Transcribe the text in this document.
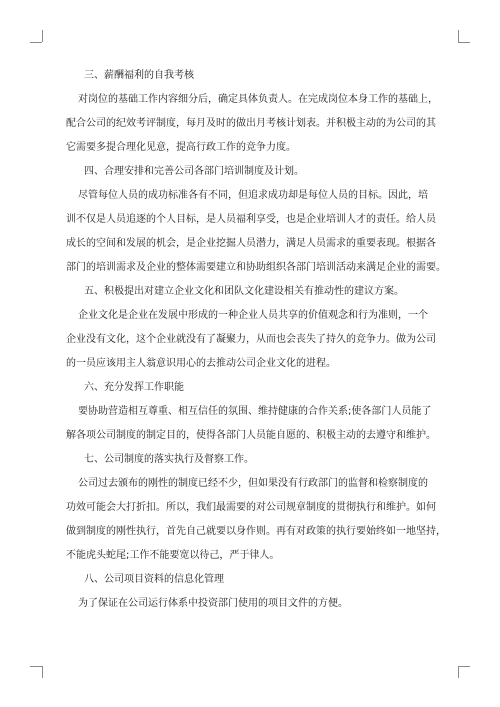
三、薪酬福利的自我考核

对岗位的基础工作内容细分后，确定具体负责人。在完成岗位本身工作的基础上，
配合公司的纪效考评制度，每月及时的做出月考核计划表。并积极主动的为公司的其
它需要多提合理化见意，提高行政工作的竞争力度。

四、合理安排和完善公司各部门培训制度及计划。

尽管每位人员的成功标准各有不同，但追求成功却是每位人员的目标。因此，培
训不仅是人员追逐的个人目标，是人员福利享受，也是企业培训人才的责任。给人员
成长的空间和发展的机会，是企业挖掘人员潜力，满足人员需求的重要表现。根据各
部门的培训需求及企业的整体需要建立和协助组织各部门培训活动来满足企业的需要。

五、积极提出对建立企业文化和团队文化建设相关有推动性的建议方案。

企业文化是企业在发展中形成的一种企业人员共享的价值观念和行为准则，一个
企业没有文化，这个企业就没有了凝聚力，从而也会丧失了持久的竞争力。做为公司
的一员应该用主人翁意识用心的去推动公司企业文化的进程。

六、充分发挥工作职能

要协助营造相互尊重、相互信任的氛围、维持健康的合作关系;使各部门人员能了
解各项公司制度的制定目的，使得各部门人员能自愿的、积极主动的去遵守和维护。

七、公司制度的落实执行及督察工作。

公司过去颁布的刚性的制度已经不少，但如果没有行政部门的监督和检察制度的
功效可能会大打折扣。所以，我们最需要的对公司规章制度的贯彻执行和维护。如何
做到制度的刚性执行，首先自己就要以身作则。再有对政策的执行要始终如一地坚持，
不能虎头蛇尾;工作不能要宽以待己，严于律人。

八、公司项目资料的信息化管理

为了保证在公司运行体系中投资部门使用的项目文件的方便。
